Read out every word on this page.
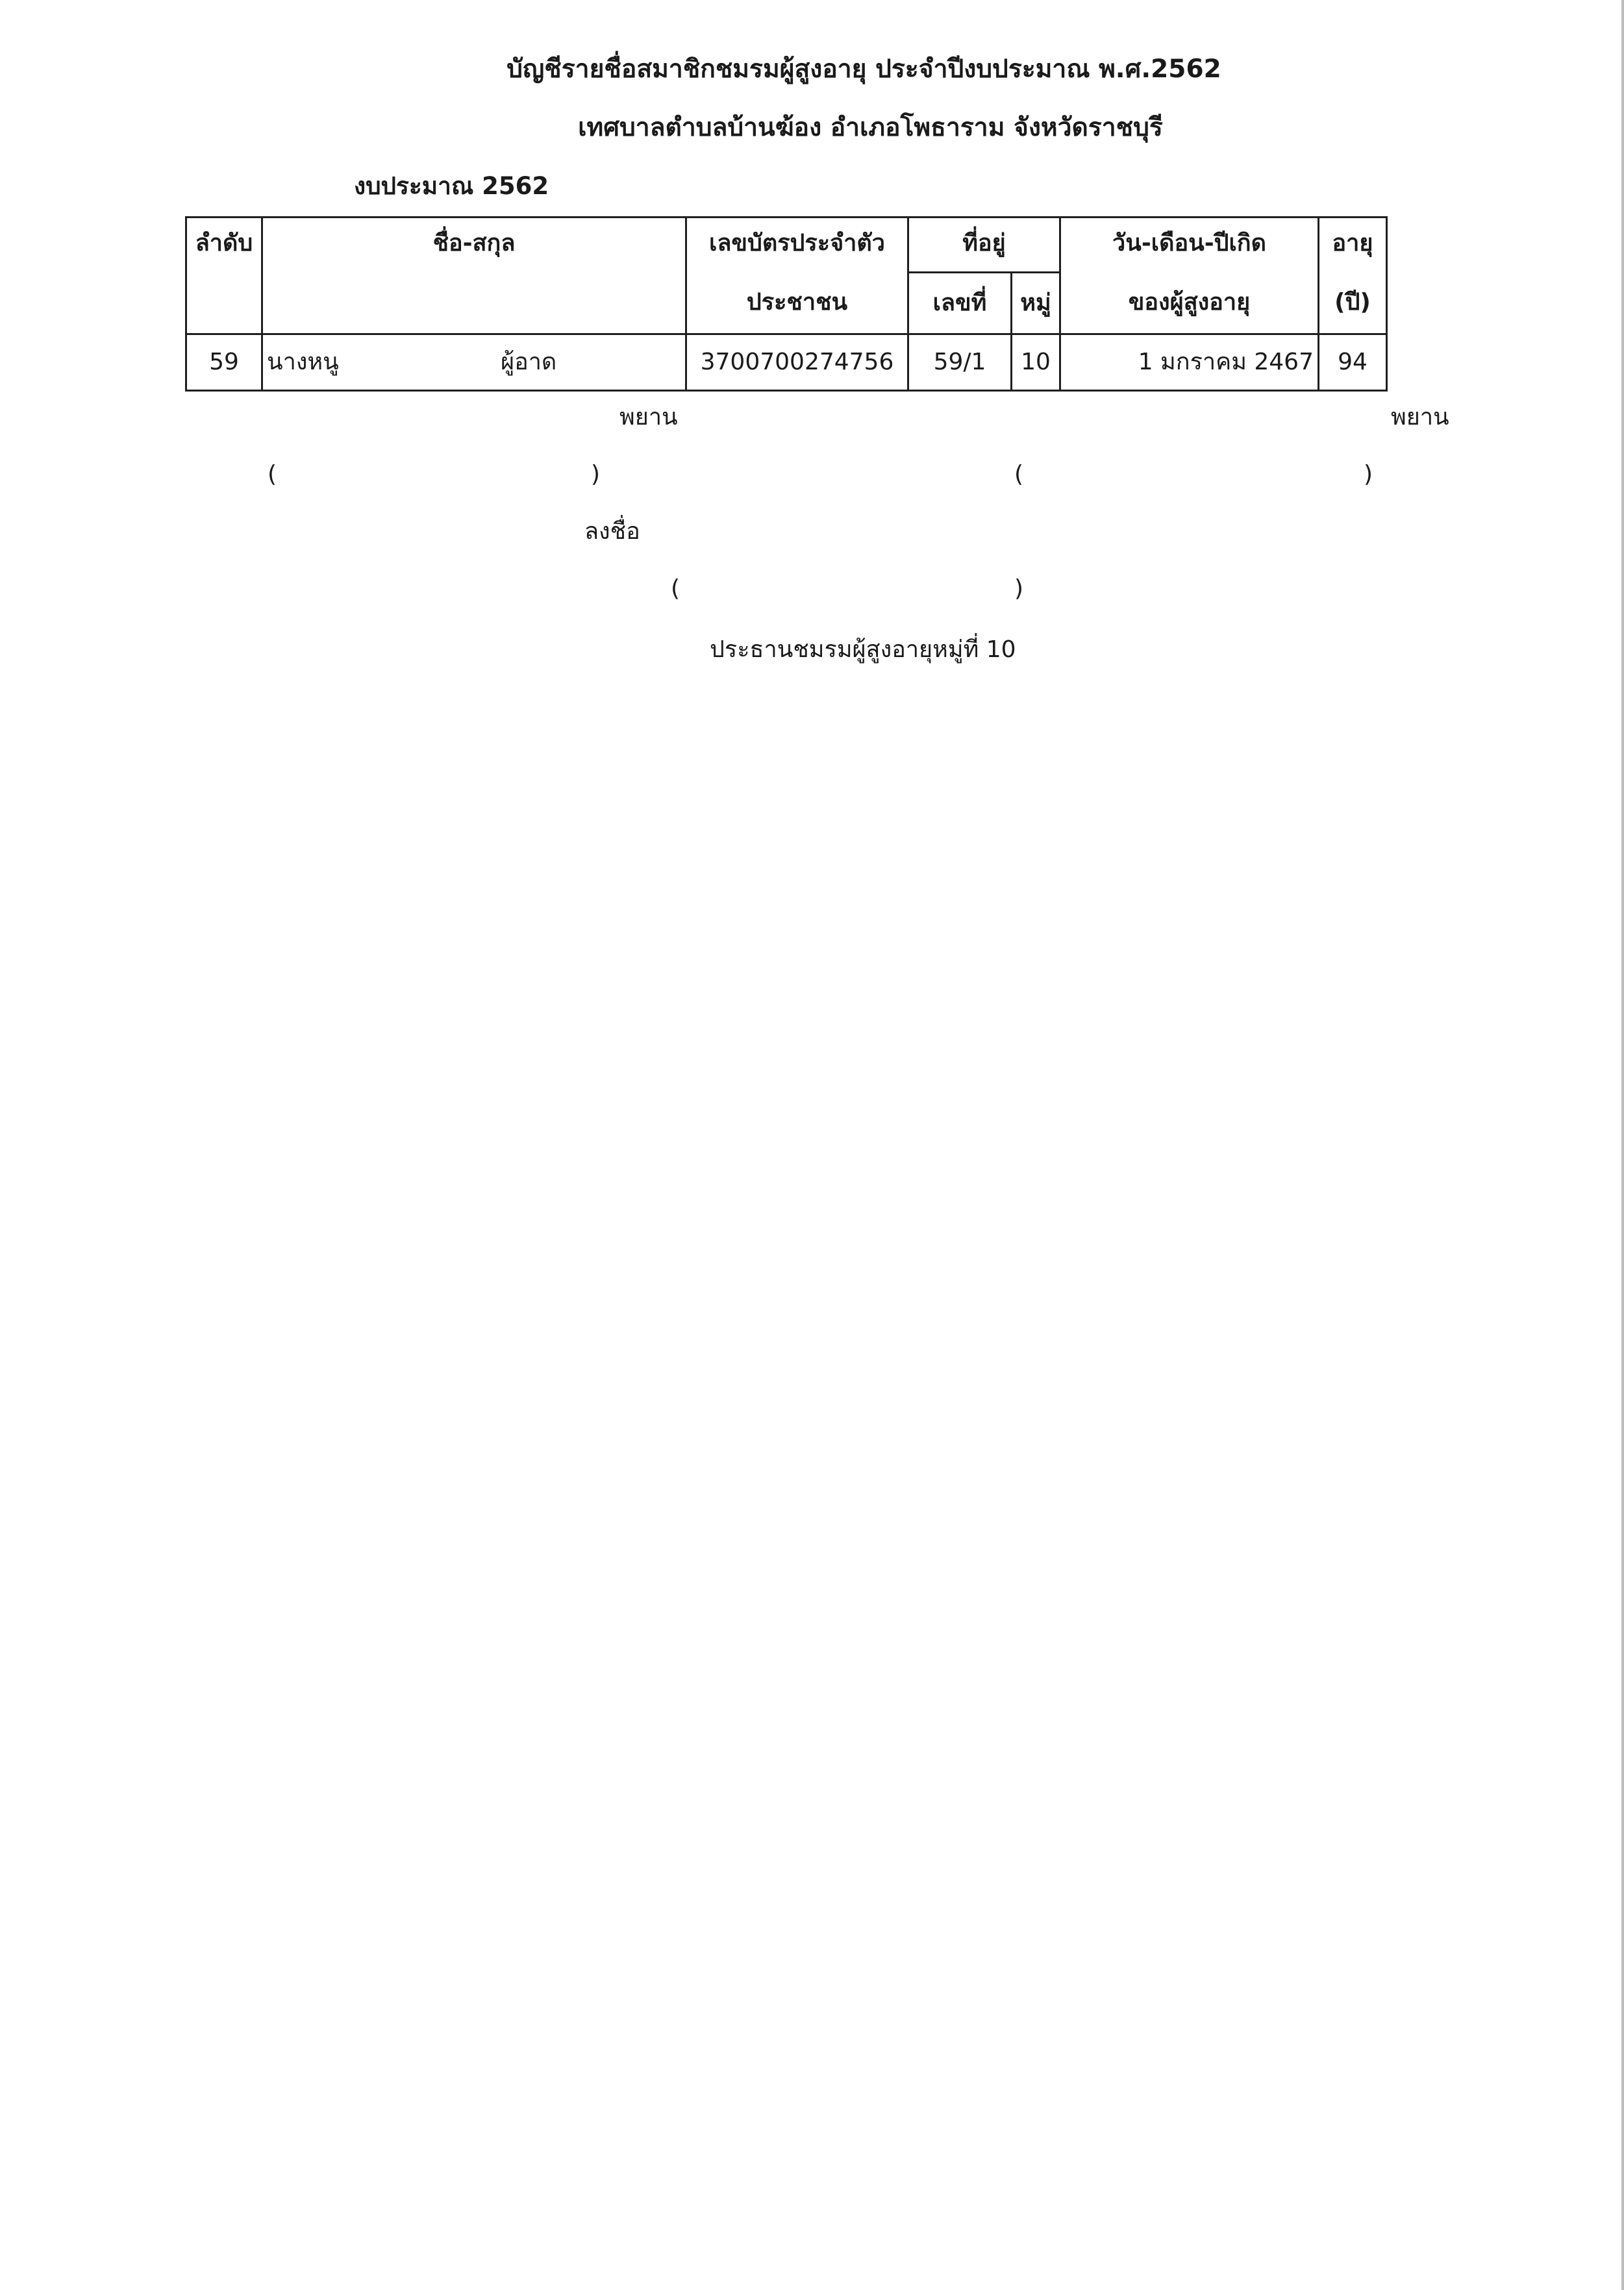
บัญชีรายชื่อสมาชิกชมรมผู้สูงอายุ ประจำปีงบประมาณ พ.ศ.2562
เทศบาลตำบลบ้านฆ้อง อำเภอโพธาราม จังหวัดราชบุรี
งบประมาณ 2562
ลำดับ	ชื่อ-สกุล	เลขบัตรประจำตัว	ที่อยู่		วัน-เดือน-ปีเกิด	อายุ
		ประชาชน	เลขที่	หมู่	ของผู้สูงอายุ	(ปี)
59	นางหนู ผู้อาด	3700700274756	59/1	10	1 มกราคม 2467	94
พยาน	พยาน
(	)	(	)
ลงชื่อ
(	)
ประธานชมรมผู้สูงอายุหมู่ที่ 10
